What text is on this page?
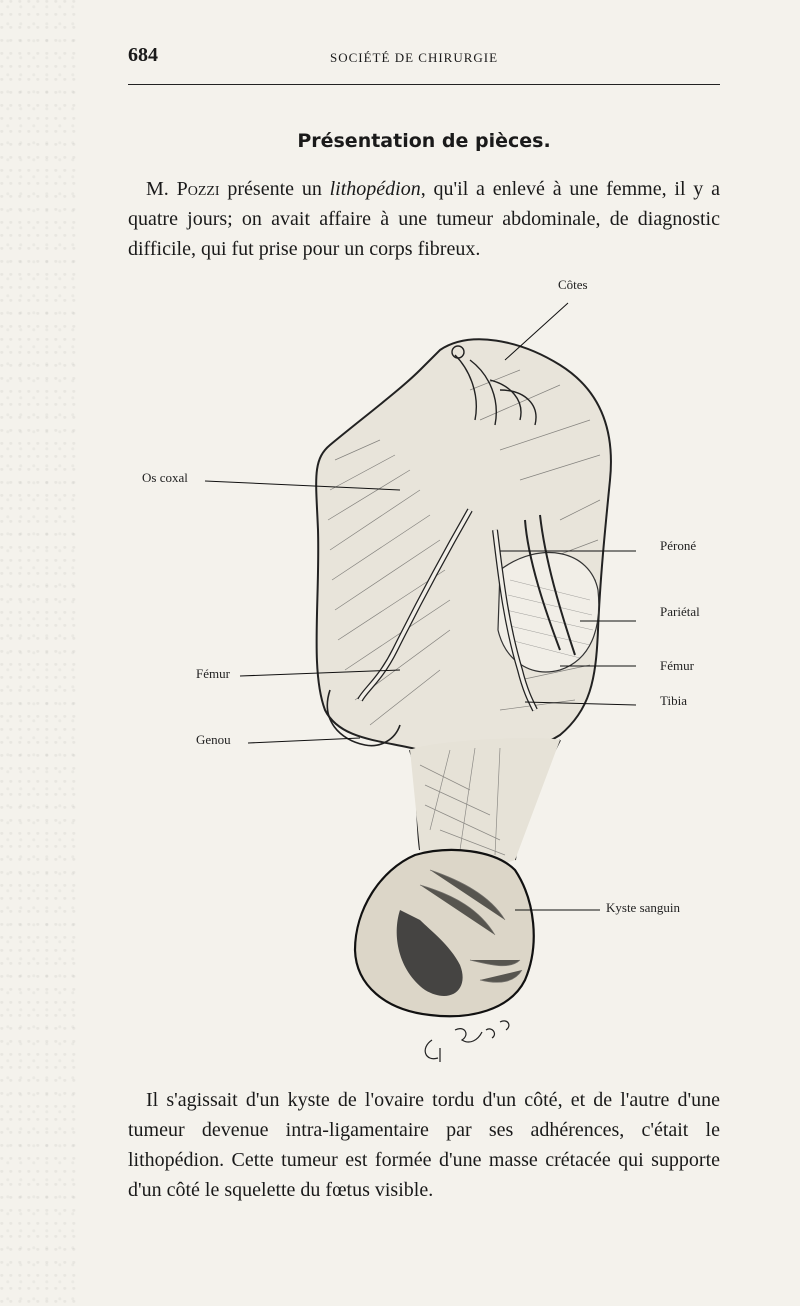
684	SOCIÉTÉ DE CHIRURGIE
Présentation de pièces.

M. Pozzi présente un lithopédion, qu'il a enlevé à une femme, il y a quatre jours; on avait affaire à une tumeur abdominale, de diagnostic difficile, qui fut prise pour un corps fibreux.

Côtes
Os coxal
Péroné
Pariétal
Fémur
Fémur
Tibia
Genou
Kyste sanguin

Il s'agissait d'un kyste de l'ovaire tordu d'un côté, et de l'autre d'une tumeur devenue intra-ligamentaire par ses adhérences, c'était le lithopédion. Cette tumeur est formée d'une masse crétacée qui supporte d'un côté le squelette du fœtus visible.
